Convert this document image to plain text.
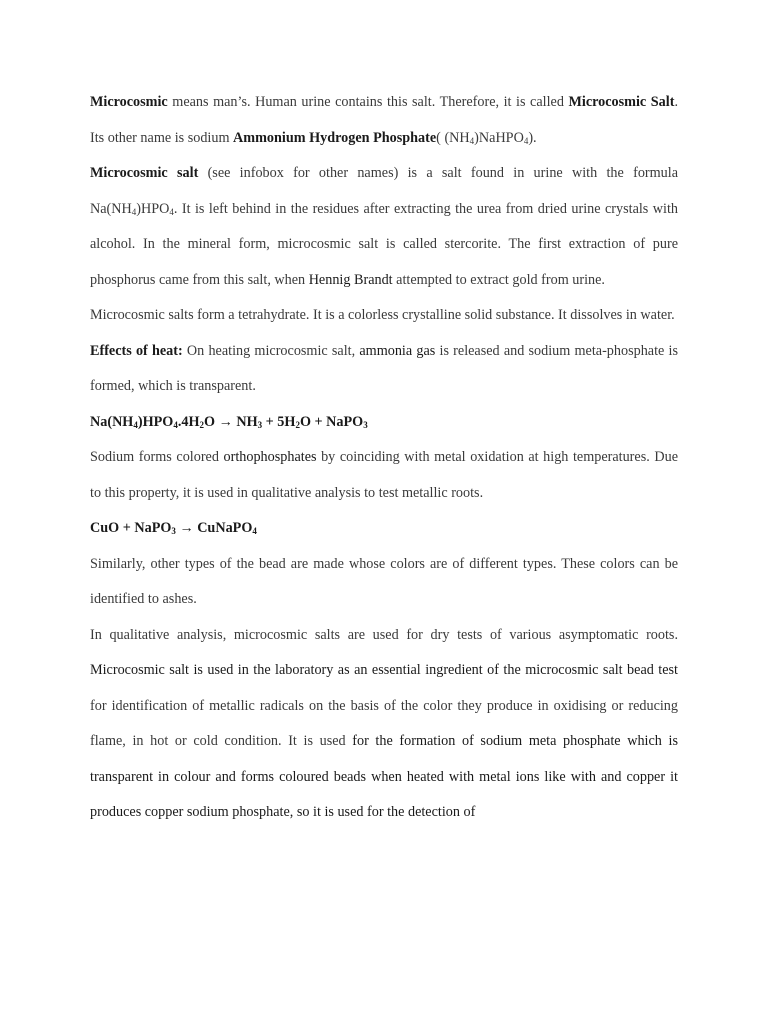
Microcosmic means man’s. Human urine contains this salt. Therefore, it is called Microcosmic Salt. Its other name is sodium Ammonium Hydrogen Phosphate( $(NH_4)NaHPO_4$).

Microcosmic salt (see infobox for other names) is a salt found in urine with the formula $Na(NH_4)HPO_4$. It is left behind in the residues after extracting the urea from dried urine crystals with alcohol. In the mineral form, microcosmic salt is called stercorite. The first extraction of pure phosphorus came from this salt, when Hennig Brandt attempted to extract gold from urine.

Microcosmic salts form a tetrahydrate. It is a colorless crystalline solid substance. It dissolves in water.

Effects of heat: On heating microcosmic salt, ammonia gas is released and sodium meta-phosphate is formed, which is transparent.

$Na(NH_4)HPO_4.4H_2O \to NH_3 + 5H_2O$ + NaPO$_3$

Sodium forms colored orthophosphates by coinciding with metal oxidation at high temperatures. Due to this property, it is used in qualitative analysis to test metallic roots.

CuO + NaPO$_3$ → CuNaPO$_4$

Similarly, other types of the bead are made whose colors are of different types. These colors can be identified to ashes.

In qualitative analysis, microcosmic salts are used for dry tests of various asymptomatic roots. Microcosmic salt is used in the laboratory as an essential ingredient of the microcosmic salt bead test for identification of metallic radicals on the basis of the color they produce in oxidising or reducing flame, in hot or cold condition. It is used for the formation of sodium meta phosphate which is transparent in colour and forms coloured beads when heated with metal ions like with and copper it produces copper sodium phosphate, so it is used for the detection of
